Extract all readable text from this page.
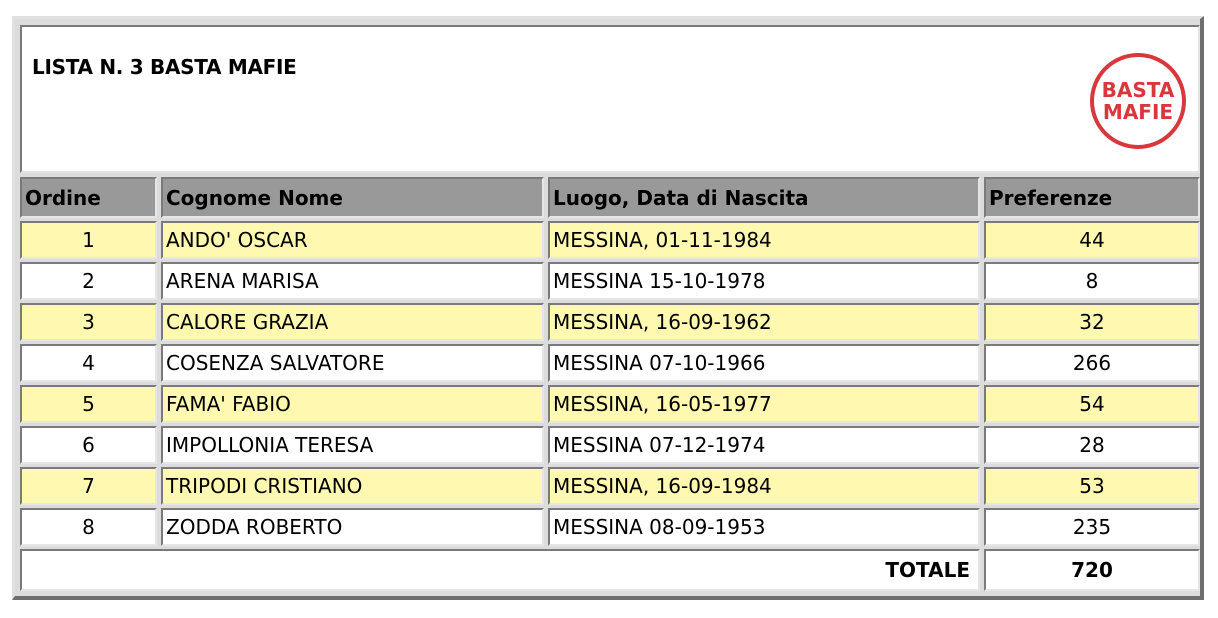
LISTA N. 3 BASTA MAFIE
BASTA
MAFIE
Ordine	Cognome Nome	Luogo, Data di Nascita	Preferenze
1	ANDO' OSCAR	MESSINA, 01-11-1984	44
2	ARENA MARISA	MESSINA 15-10-1978	8
3	CALORE GRAZIA	MESSINA, 16-09-1962	32
4	COSENZA SALVATORE	MESSINA 07-10-1966	266
5	FAMA' FABIO	MESSINA, 16-05-1977	54
6	IMPOLLONIA TERESA	MESSINA 07-12-1974	28
7	TRIPODI CRISTIANO	MESSINA, 16-09-1984	53
8	ZODDA ROBERTO	MESSINA 08-09-1953	235
TOTALE	720
